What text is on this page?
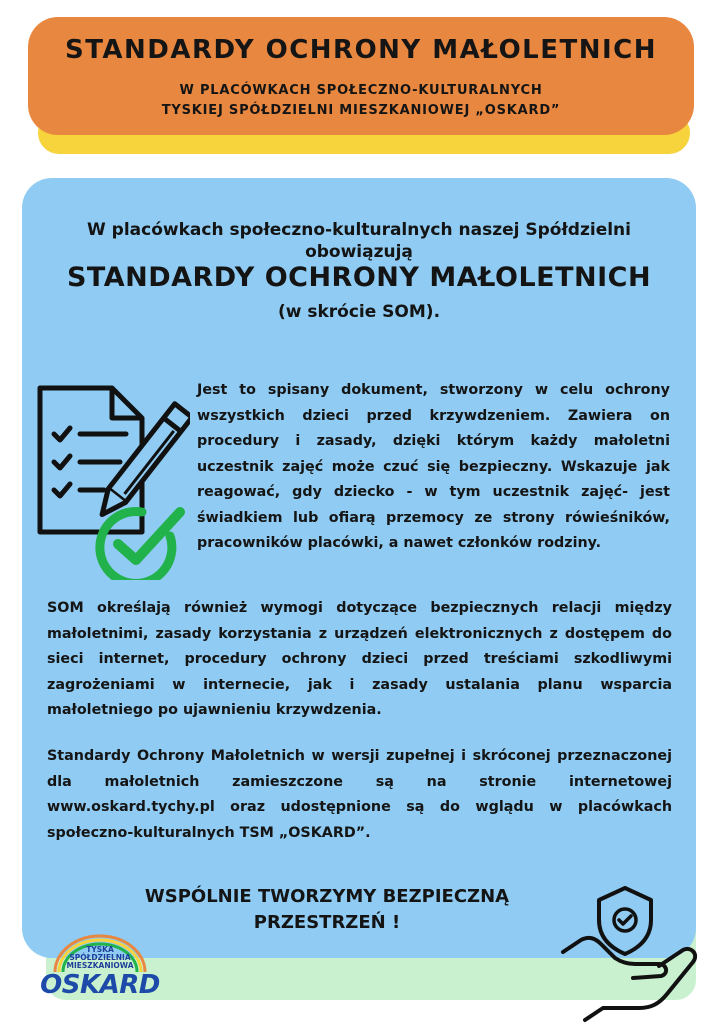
STANDARDY OCHRONY MAŁOLETNICH
W PLACÓWKACH SPOŁECZNO-KULTURALNYCH
TYSKIEJ SPÓŁDZIELNI MIESZKANIOWEJ „OSKARD”
W placówkach społeczno-kulturalnych naszej Spółdzielni
obowiązują
STANDARDY OCHRONY MAŁOLETNICH
(w skrócie SOM).
Jest to spisany dokument, stworzony w celu ochrony wszystkich dzieci przed krzywdzeniem. Zawiera on procedury i zasady, dzięki którym każdy małoletni uczestnik zajęć może czuć się bezpieczny. Wskazuje jak reagować, gdy dziecko - w tym uczestnik zajęć- jest świadkiem lub ofiarą przemocy ze strony rówieśników, pracowników placówki, a nawet członków rodziny.
SOM określają również wymogi dotyczące bezpiecznych relacji między małoletnimi, zasady korzystania z urządzeń elektronicznych z dostępem do sieci internet, procedury ochrony dzieci przed treściami szkodliwymi zagrożeniami w internecie, jak i zasady ustalania planu wsparcia małoletniego po ujawnieniu krzywdzenia.
Standardy Ochrony Małoletnich w wersji zupełnej i skróconej przeznaczonej dla małoletnich zamieszczone są na stronie internetowej www.oskard.tychy.pl oraz udostępnione są do wglądu w placówkach społeczno-kulturalnych TSM „OSKARD”.
WSPÓLNIE TWORZYMY BEZPIECZNĄ
PRZESTRZEŃ !
TYSKA
SPÓŁDZIELNIA
MIESZKANIOWA
OSKARD
